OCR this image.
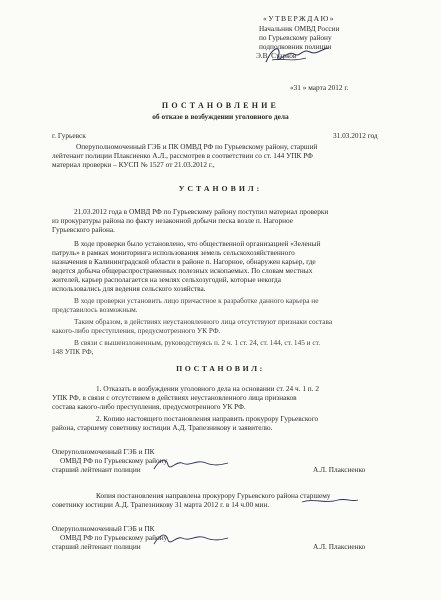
«УТВЕРЖДАЮ»
Начальник ОМВД России
по Гурьевскому району
подполковник полиции
Э.В. Старков
«31 » марта 2012 г.
ПОСТАНОВЛЕНИЕ
об отказе в возбуждении уголовного дела
г. Гурьевск	31.03.2012 год
Оперуполномоченный ГЭБ и ПК ОМВД РФ по Гурьевскому району, старший
лейтенант полиции Плаксиенко А.Л., рассмотрев в соответствии со ст. 144 УПК РФ
материал проверки – КУСП № 1527 от 21.03.2012 г.,
УСТАНОВИЛ:
21.03.2012 года в ОМВД РФ по Гурьевскому району поступил материал проверки
из прокуратуры района по факту незаконной добычи песка возле п. Нагорное
Гурьевского района.
В ходе проверки было установлено, что общественной организацией «Зеленый
патруль» в рамках мониторинга использования земель сельскохозяйственного
назначения в Калининградской области в районе п. Нагорное, обнаружен карьер, где
ведется добыча общераспространенных полезных ископаемых. По словам местных
жителей, карьер располагается на землях сельхозугодий, которые некогда
использовались для ведения сельского хозяйства.
В ходе проверки установить лицо причастное к разработке данного карьера не
представилось возможным.
Таким образом, в действиях неустановленного лица отсутствуют признаки состава
какого-либо преступления, предусмотренного УК РФ.
В связи с вышеизложенным, руководствуясь п. 2 ч. 1 ст. 24, ст. 144, ст. 145 и ст.
148 УПК РФ,
ПОСТАНОВИЛ:
1. Отказать в возбуждении уголовного дела на основании ст. 24 ч. 1 п. 2
УПК РФ, в связи с отсутствием в действиях неустановленного лица признаков
состава какого-либо преступления, предусмотренного УК РФ.
2. Копию настоящего постановления направить прокурору Гурьевского
района, старшему советнику юстиции А.Д. Трапезникову и заявителю.
Оперуполномоченный ГЭБ и ПК
ОМВД РФ по Гурьевскому району
старший лейтенант полиции	А.Л. Плаксиенко
Копия постановления направлена прокурору Гурьевского района старшему
советнику юстиции А.Д. Трапезникову 31 марта 2012 г. в 14 ч.00 мин.
Оперуполномоченный ГЭБ и ПК
ОМВД РФ по Гурьевскому району
старший лейтенант полиции	А.Л. Плаксиенко
